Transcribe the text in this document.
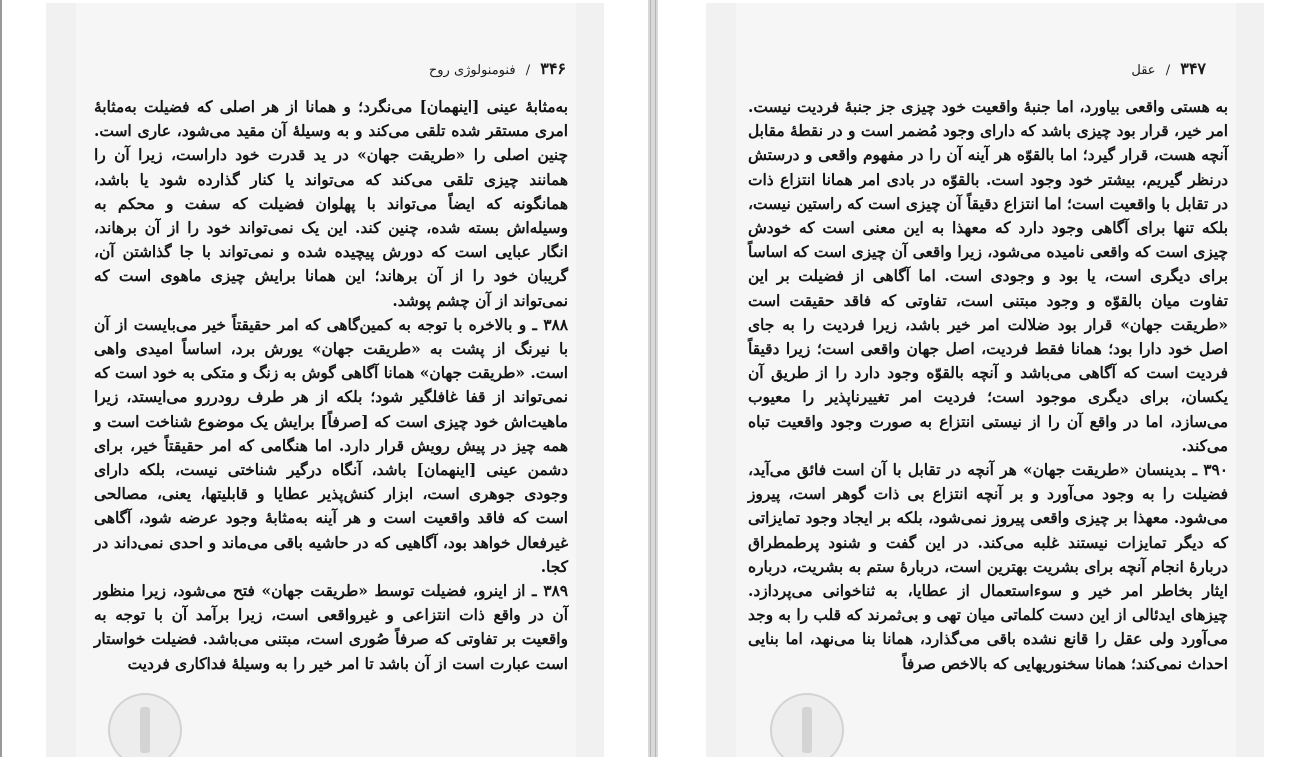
۳۴۶ / فنومنولوژی روح

به‌مثابهٔ عینی [اینهمان] می‌نگرد؛ و همانا از هر اصلی که فضیلت به‌مثابهٔ امری مستقر شده تلقی می‌کند و به وسیلهٔ آن مقید می‌شود، عاری است. چنین اصلی را «طریقت جهان» در ید قدرت خود داراست، زیرا آن را همانند چیزی تلقی می‌کند که می‌تواند یا کنار گذارده شود یا باشد، همانگونه که ایضاً می‌تواند با پهلوان فضیلت که سفت و محکم به وسیله‌اش بسته شده، چنین کند. این یک نمی‌تواند خود را از آن برهاند، انگار عبایی است که دورش پیچیده شده و نمی‌تواند با جا گذاشتن آن، گریبان خود را از آن برهاند؛ این همانا برایش چیزی ماهوی است که نمی‌تواند از آن چشم پوشد.

۳۸۸ ـ و بالاخره با توجه به کمین‌گاهی که امر حقیقتاً خیر می‌بایست از آن با نیرنگ از پشت به «طریقت جهان» یورش برد، اساساً امیدی واهی است. «طریقت جهان» همانا آگاهی گوش به زنگ و متکی به خود است که نمی‌تواند از قفا غافلگیر شود؛ بلکه از هر طرف رودررو می‌ایستد، زیرا ماهیت‌اش خود چیزی است که [صرفاً] برایش یک موضوع شناخت است و همه چیز در پیش رویش قرار دارد. اما هنگامی که امر حقیقتاً خیر، برای دشمن عینی [اینهمان] باشد، آنگاه درگیر شناختی نیست، بلکه دارای وجودی جوهری است، ابزار کنش‌پذیر عطایا و قابلیتها، یعنی، مصالحی است که فاقد واقعیت است و هر آینه به‌مثابهٔ وجود عرضه شود، آگاهی غیرفعال خواهد بود، آگاهیی که در حاشیه باقی می‌ماند و احدی نمی‌داند در کجا.

۳۸۹ ـ از اینرو، فضیلت توسط «طریقت جهان» فتح می‌شود، زیرا منظور آن در واقع ذات انتزاعی و غیرواقعی است، زیرا برآمد آن با توجه به واقعیت بر تفاوتی که صرفاً صُوری است، مبتنی می‌باشد. فضیلت خواستار است عبارت است از آن باشد تا امر خیر را به وسیلهٔ فداکاری فردیت

۳۴۷ / عقل

به هستی واقعی بیاورد، اما جنبهٔ واقعیت خود چیزی جز جنبهٔ فردیت نیست. امر خیر، قرار بود چیزی باشد که دارای وجود مُضمر است و در نقطهٔ مقابل آنچه هست، قرار گیرد؛ اما بالقوّه هر آینه آن را در مفهوم واقعی و درستش درنظر گیریم، بیشتر خود وجود است. بالقوّه در بادی امر همانا انتزاع ذات در تقابل با واقعیت است؛ اما انتزاع دقیقاً آن چیزی است که راستین نیست، بلکه تنها برای آگاهی وجود دارد که معهذا به این معنی است که خودش چیزی است که واقعی نامیده می‌شود، زیرا واقعی آن چیزی است که اساساً برای دیگری است، یا بود و وجودی است. اما آگاهی از فضیلت بر این تفاوت میان بالقوّه و وجود مبتنی است، تفاوتی که فاقد حقیقت است «طریقت جهان» قرار بود ضلالت امر خیر باشد، زیرا فردیت را به جای اصل خود دارا بود؛ همانا فقط فردیت، اصل جهان واقعی است؛ زیرا دقیقاً فردیت است که آگاهی می‌باشد و آنچه بالقوّه وجود دارد را از طریق آن یکسان، برای دیگری موجود است؛ فردیت امر تغییرناپذیر را معیوب می‌سازد، اما در واقع آن را از نیستی انتزاع به صورت وجود واقعیت تباه می‌کند.

۳۹۰ ـ بدینسان «طریقت جهان» هر آنچه در تقابل با آن است فائق می‌آید، فضیلت را به وجود می‌آورد و بر آنچه انتزاع بی ذات گوهر است، پیروز می‌شود. معهذا بر چیزی واقعی پیروز نمی‌شود، بلکه بر ایجاد وجود تمایزاتی که دیگر تمایزات نیستند غلبه می‌کند. در این گفت و شنود پرطمطراق دربارهٔ انجام آنچه برای بشریت بهترین است، دربارهٔ ستم به بشریت، درباره ایثار بخاطر امر خیر و سوءاستعمال از عطایا، به ثناخوانی می‌پردازد. چیزهای ایدئالی از این دست کلماتی میان تهی و بی‌ثمرند که قلب را به وجد می‌آورد ولی عقل را قانع نشده باقی می‌گذارد، همانا بنا می‌نهد، اما بنایی احداث نمی‌کند؛ همانا سخنوریهایی که بالاخص صرفاً
